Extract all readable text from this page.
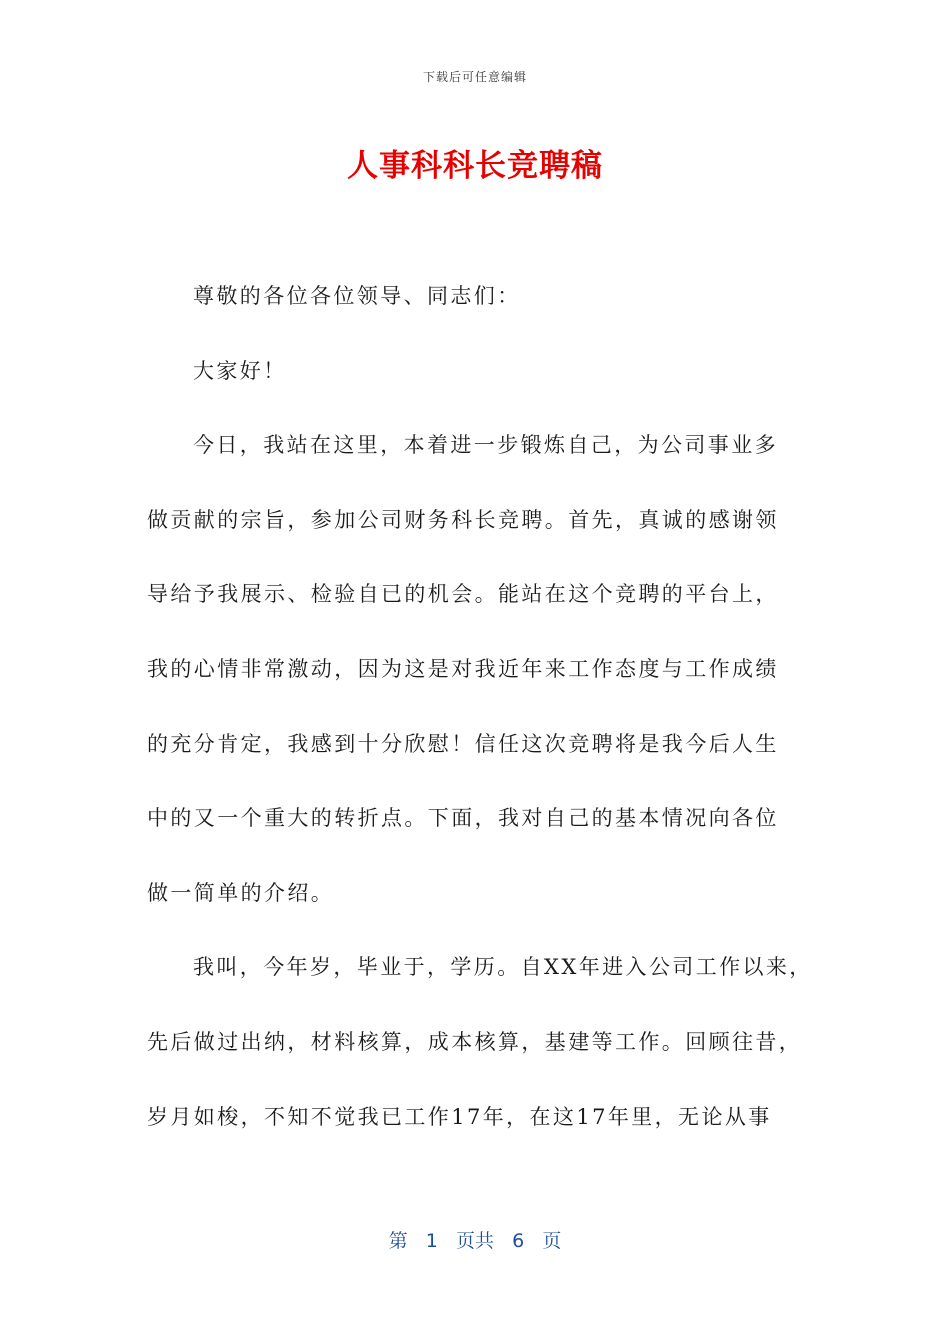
下载后可任意编辑
人事科科长竞聘稿
尊敬的各位各位领导、同志们：
大家好！
今日，我站在这里，本着进一步锻炼自己，为公司事业多
做贡献的宗旨，参加公司财务科长竞聘。首先，真诚的感谢领
导给予我展示、检验自已的机会。能站在这个竞聘的平台上，
我的心情非常激动，因为这是对我近年来工作态度与工作成绩
的充分肯定，我感到十分欣慰！信任这次竞聘将是我今后人生
中的又一个重大的转折点。下面，我对自己的基本情况向各位
做一简单的介绍。
我叫，今年岁，毕业于，学历。自XX年进入公司工作以来，
先后做过出纳，材料核算，成本核算，基建等工作。回顾往昔，
岁月如梭，不知不觉我已工作17年，在这17年里，无论从事
第 1 页共 6 页
